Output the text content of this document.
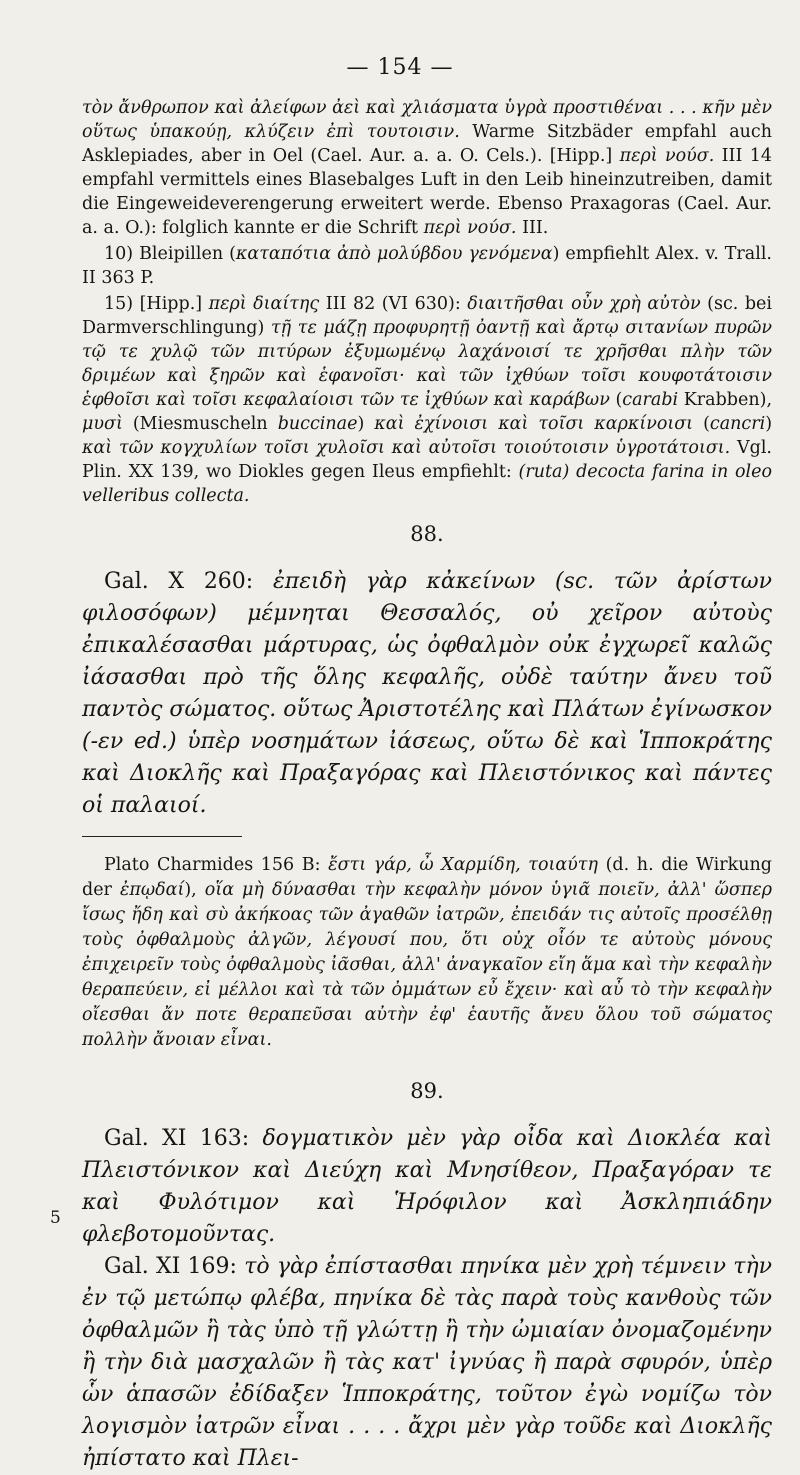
— 154 —

τὸν ἄνθρωπον καὶ ἀλείφων ἀεὶ καὶ χλιάσματα ὑγρὰ προστιθέναι . . . κῆν μὲν οὕτως ὑπακούῃ, κλύζειν ἐπὶ τουτοισιν. Warme Sitzbäder empfahl auch Asklepiades, aber in Oel (Cael. Aur. a. a. O. Cels.). [Hipp.] περὶ νούσ. III 14 empfahl vermittels eines Blasebalges Luft in den Leib hineinzutreiben, damit die Eingeweideverengerung erweitert werde. Ebenso Praxagoras (Cael. Aur. a. a. O.): folglich kannte er die Schrift περὶ νούσ. III.

10) Bleipillen (καταπότια ἀπὸ μολύβδου γενόμενα) empfiehlt Alex. v. Trall. II 363 P.

15) [Hipp.] περὶ διαίτης III 82 (VI 630): διαιτῆσθαι οὖν χρὴ αὐτὸν (sc. bei Darmverschlingung) τῇ τε μάζῃ προφυρητῇ ὀαντῇ καὶ ἄρτῳ σιτανίων πυρῶν τῷ τε χυλῷ τῶν πιτύρων ἐξυμωμένῳ λαχάνοισί τε χρῆσθαι πλὴν τῶν δριμέων καὶ ξηρῶν καὶ ἑφανοῖσι· καὶ τῶν ἰχθύων τοῖσι κουφοτάτοισιν ἑφθοῖσι καὶ τοῖσι κεφαλαίοισι τῶν τε ἰχθύων καὶ καράβων (carabi Krabben), μυσὶ (Miesmuscheln buccinae) καὶ ἐχίνοισι καὶ τοῖσι καρκίνοισι (cancri) καὶ τῶν κογχυλίων τοῖσι χυλοῖσι καὶ αὐτοῖσι τοιούτοισιν ὑγροτάτοισι. Vgl. Plin. XX 139, wo Diokles gegen Ileus empfiehlt: (ruta) decocta farina in oleo velleribus collecta.

88.

Gal. X 260: ἐπειδὴ γὰρ κἀκείνων (sc. τῶν ἀρίστων φιλοσόφων) μέμνηται Θεσσαλός, οὐ χεῖρον αὐτοὺς ἐπικαλέσασθαι μάρτυρας, ὡς ὀφθαλμὸν οὐκ ἐγχωρεῖ καλῶς ἰάσασθαι πρὸ τῆς ὅλης κεφαλῆς, οὐδὲ ταύτην ἄνευ τοῦ παντὸς σώματος. οὕτως Ἀριστοτέλης καὶ Πλάτων ἐγίνωσκον (-εν ed.) ὑπὲρ νοσημάτων ἰάσεως, οὕτω δὲ καὶ Ἱπποκράτης καὶ Διοκλῆς καὶ Πραξαγόρας καὶ Πλειστόνικος καὶ πάντες οἱ παλαιοί.

Plato Charmides 156 B: ἔστι γάρ, ὦ Χαρμίδη, τοιαύτη (d. h. die Wirkung der ἐπῳδαί), οἵα μὴ δύνασθαι τὴν κεφαλὴν μόνον ὑγιᾶ ποιεῖν, ἀλλ' ὥσπερ ἴσως ἤδη καὶ σὺ ἀκήκοας τῶν ἀγαθῶν ἰατρῶν, ἐπειδάν τις αὐτοῖς προσέλθῃ τοὺς ὀφθαλμοὺς ἀλγῶν, λέγουσί που, ὅτι οὐχ οἷόν τε αὐτοὺς μόνους ἐπιχειρεῖν τοὺς ὀφθαλμοὺς ἰᾶσθαι, ἀλλ' ἀναγκαῖον εἴη ἅμα καὶ τὴν κεφαλὴν θεραπεύειν, εἰ μέλλοι καὶ τὰ τῶν ὀμμάτων εὖ ἔχειν· καὶ αὖ τὸ τὴν κεφαλὴν οἴεσθαι ἄν ποτε θεραπεῦσαι αὐτὴν ἐφ' ἑαυτῆς ἄνευ ὅλου τοῦ σώματος πολλὴν ἄνοιαν εἶναι.

89.

Gal. XI 163: δογματικὸν μὲν γὰρ οἶδα καὶ Διοκλέα καὶ Πλειστόνικον καὶ Διεύχη καὶ Μνησίθεον, Πραξαγόραν τε καὶ Φυλότιμον καὶ Ἡρόφιλον καὶ Ἀσκληπιάδην φλεβοτομοῦντας.

Gal. XI 169: τὸ γὰρ ἐπίστασθαι πηνίκα μὲν χρὴ τέμνειν τὴν ἐν τῷ μετώπῳ φλέβα, πηνίκα δὲ τὰς παρὰ τοὺς κανθοὺς τῶν ὀφθαλμῶν ἢ τὰς ὑπὸ τῇ γλώττῃ ἢ τὴν ὠμιαίαν ὀνομαζομένην ἢ τὴν διὰ μασχαλῶν ἢ τὰς κατ' ἰγνύας ἢ παρὰ σφυρόν, ὑπὲρ ὧν ἁπασῶν ἐδίδαξεν Ἱπποκράτης, τοῦτον ἐγὼ νομίζω τὸν λογισμὸν ἰατρῶν εἶναι . . . . ἄχρι μὲν γὰρ τοῦδε καὶ Διοκλῆς ἠπίστατο καὶ Πλει-

5
